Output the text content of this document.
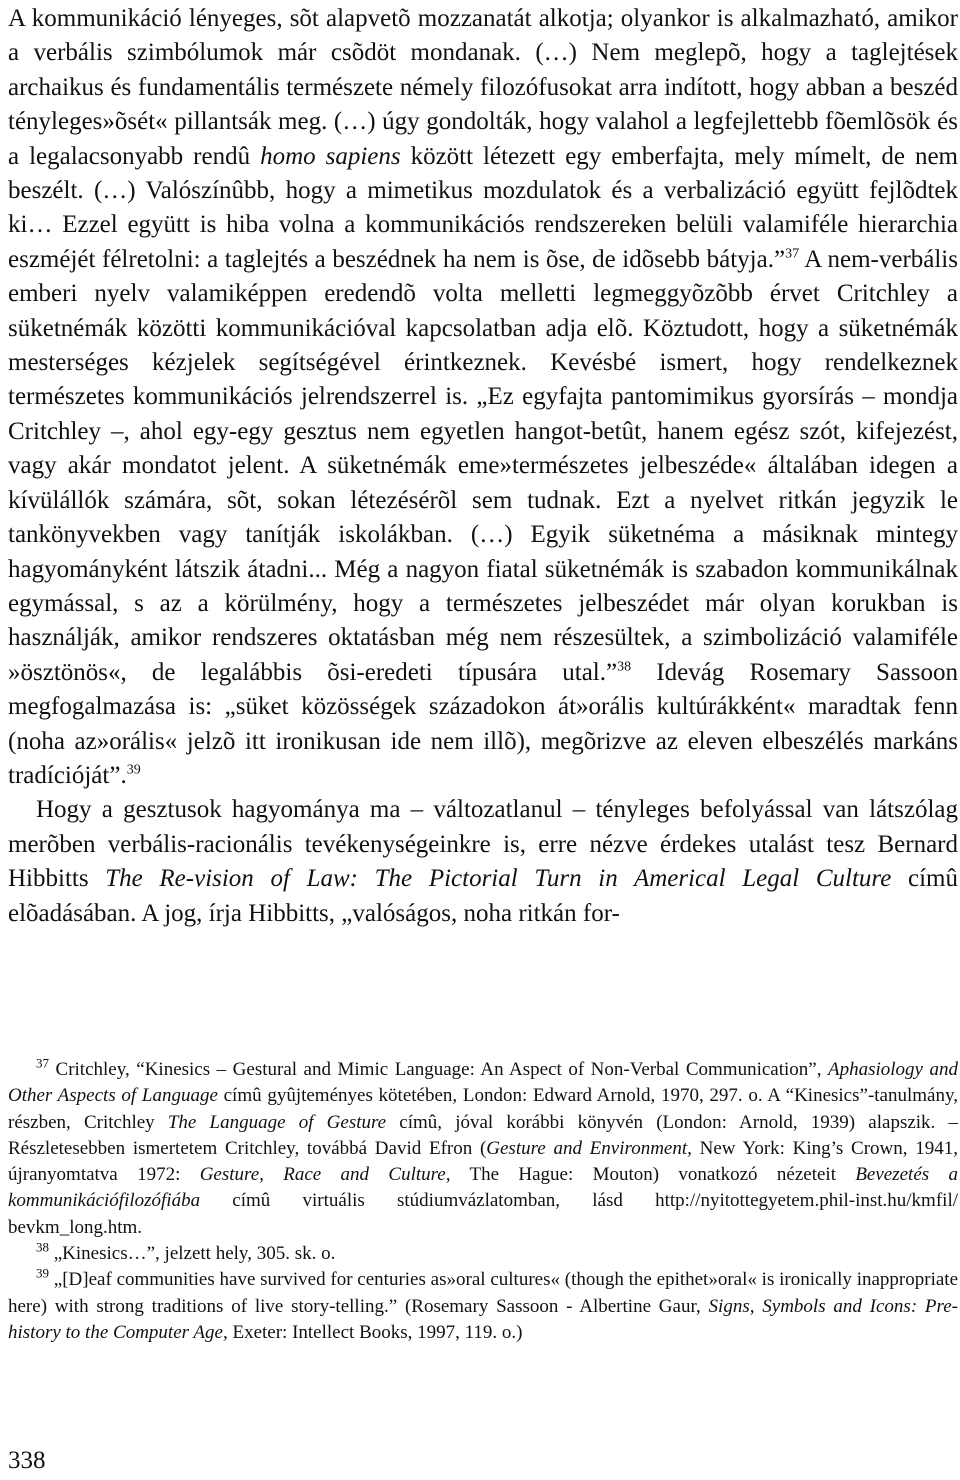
A kommunikáció lényeges, sõt alapvetõ mozzanatát alkotja; olyankor is alkalmazható, amikor a verbális szimbólumok már csõdöt mondanak. (…) Nem meglepõ, hogy a taglejtések archaikus és fundamentális természete némely filozófusokat arra indított, hogy abban a beszéd tényleges»õsét« pillantsák meg. (…) úgy gondolták, hogy valahol a legfejlettebb fõemlõsök és a legalacsonyabb rendû homo sapiens között létezett egy emberfajta, mely mímelt, de nem beszélt. (…) Valószínûbb, hogy a mimetikus mozdulatok és a verbalizáció együtt fejlõdtek ki… Ezzel együtt is hiba volna a kommunikációs rendszereken belüli valamiféle hierarchia eszméjét félretolni: a taglejtés a beszédnek ha nem is õse, de idõsebb bátyja.”$^{37}$ A nem-verbális emberi nyelv valamiképpen eredendõ volta melletti legmeggyõzõbb érvet Critchley a süketnémák közötti kommunikációval kapcsolatban adja elõ. Köztudott, hogy a süketnémák mesterséges kézjelek segítségével érintkeznek. Kevésbé ismert, hogy rendelkeznek természetes kommunikációs jelrendszerrel is. „Ez egyfajta pantomimikus gyorsírás – mondja Critchley –, ahol egy-egy gesztus nem egyetlen hangot-betût, hanem egész szót, kifejezést, vagy akár mondatot jelent. A süketnémák eme»természetes jelbeszéde« általában idegen a kívülállók számára, sõt, sokan létezésérõl sem tudnak. Ezt a nyelvet ritkán jegyzik le tankönyvekben vagy tanítják iskolákban. (…) Egyik süketnéma a másiknak mintegy hagyományként látszik átadni... Még a nagyon fiatal süketnémák is szabadon kommunikálnak egymással, s az a körülmény, hogy a természetes jelbeszédet már olyan korukban is használják, amikor rendszeres oktatásban még nem részesültek, a szimbolizáció valamiféle »ösztönös«, de legalábbis õsi-eredeti típusára utal.”$^{38}$ Idevág Rosemary Sassoon megfogalmazása is: „süket közösségek századokon át»orális kultúrákként« maradtak fenn (noha az»orális« jelzõ itt ironikusan ide nem illõ), megõrizve az eleven elbeszélés markáns tradícióját”.$^{39}$

Hogy a gesztusok hagyománya ma – változatlanul – tényleges befolyással van látszólag merõben verbális-racionális tevékenységeinkre is, erre nézve érdekes utalást tesz Bernard Hibbitts The Re-vision of Law: The Pictorial Turn in Americal Legal Culture címû elõadásában. A jog, írja Hibbitts, „valóságos, noha ritkán for-

$^{37}$ Critchley, “Kinesics – Gestural and Mimic Language: An Aspect of Non-Verbal Communication”, Aphasiology and Other Aspects of Language címû gyûjteményes kötetében, London: Edward Arnold, 1970, 297. o. A “Kinesics”-tanulmány, részben, Critchley The Language of Gesture címû, jóval korábbi könyvén (London: Arnold, 1939) alapszik. – Részletesebben ismertetem Critchley, továbbá David Efron (Gesture and Environment, New York: King’s Crown, 1941, újranyomtatva 1972: Gesture, Race and Culture, The Hague: Mouton) vonatkozó nézeteit Bevezetés a kommunikációfilozófiába címû virtuális stúdiumvázlatomban, lásd http://nyitottegyetem.phil-inst.hu/kmfil/ bevkm_long.htm.

$^{38}$ „Kinesics…”, jelzett hely, 305. sk. o.

$^{39}$ „[D]eaf communities have survived for centuries as»oral cultures« (though the epithet»oral« is ironically inappropriate here) with strong traditions of live story-telling.” (Rosemary Sassoon - Albertine Gaur, Signs, Symbols and Icons: Pre-history to the Computer Age, Exeter: Intellect Books, 1997, 119. o.)

338
